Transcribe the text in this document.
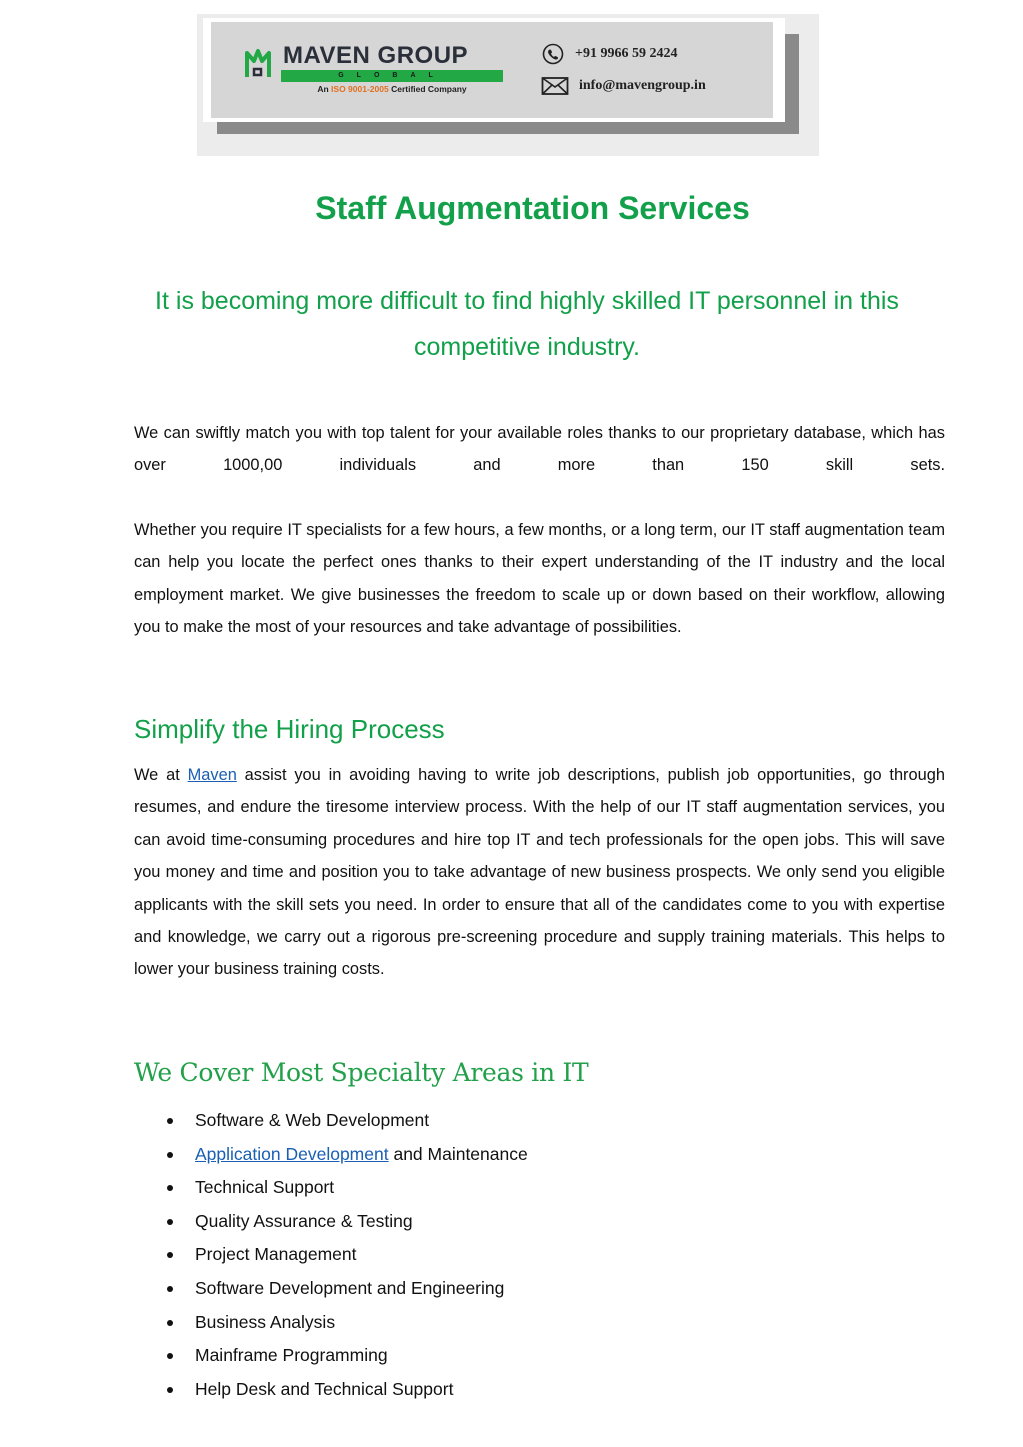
MAVEN GROUP
GLOBAL
An ISO 9001-2005 Certified Company
+91 9966 59 2424
info@mavengroup.in
Staff Augmentation Services
It is becoming more difficult to find highly skilled IT personnel in this competitive industry.
We can swiftly match you with top talent for your available roles thanks to our proprietary database, which has over 1000,00 individuals and more than 150 skill sets.
Whether you require IT specialists for a few hours, a few months, or a long term, our IT staff augmentation team can help you locate the perfect ones thanks to their expert understanding of the IT industry and the local employment market. We give businesses the freedom to scale up or down based on their workflow, allowing you to make the most of your resources and take advantage of possibilities.
Simplify the Hiring Process
We at Maven assist you in avoiding having to write job descriptions, publish job opportunities, go through resumes, and endure the tiresome interview process. With the help of our IT staff augmentation services, you can avoid time-consuming procedures and hire top IT and tech professionals for the open jobs. This will save you money and time and position you to take advantage of new business prospects. We only send you eligible applicants with the skill sets you need. In order to ensure that all of the candidates come to you with expertise and knowledge, we carry out a rigorous pre-screening procedure and supply training materials. This helps to lower your business training costs.
We Cover Most Specialty Areas in IT
Software & Web Development
Application Development and Maintenance
Technical Support
Quality Assurance & Testing
Project Management
Software Development and Engineering
Business Analysis
Mainframe Programming
Help Desk and Technical Support
